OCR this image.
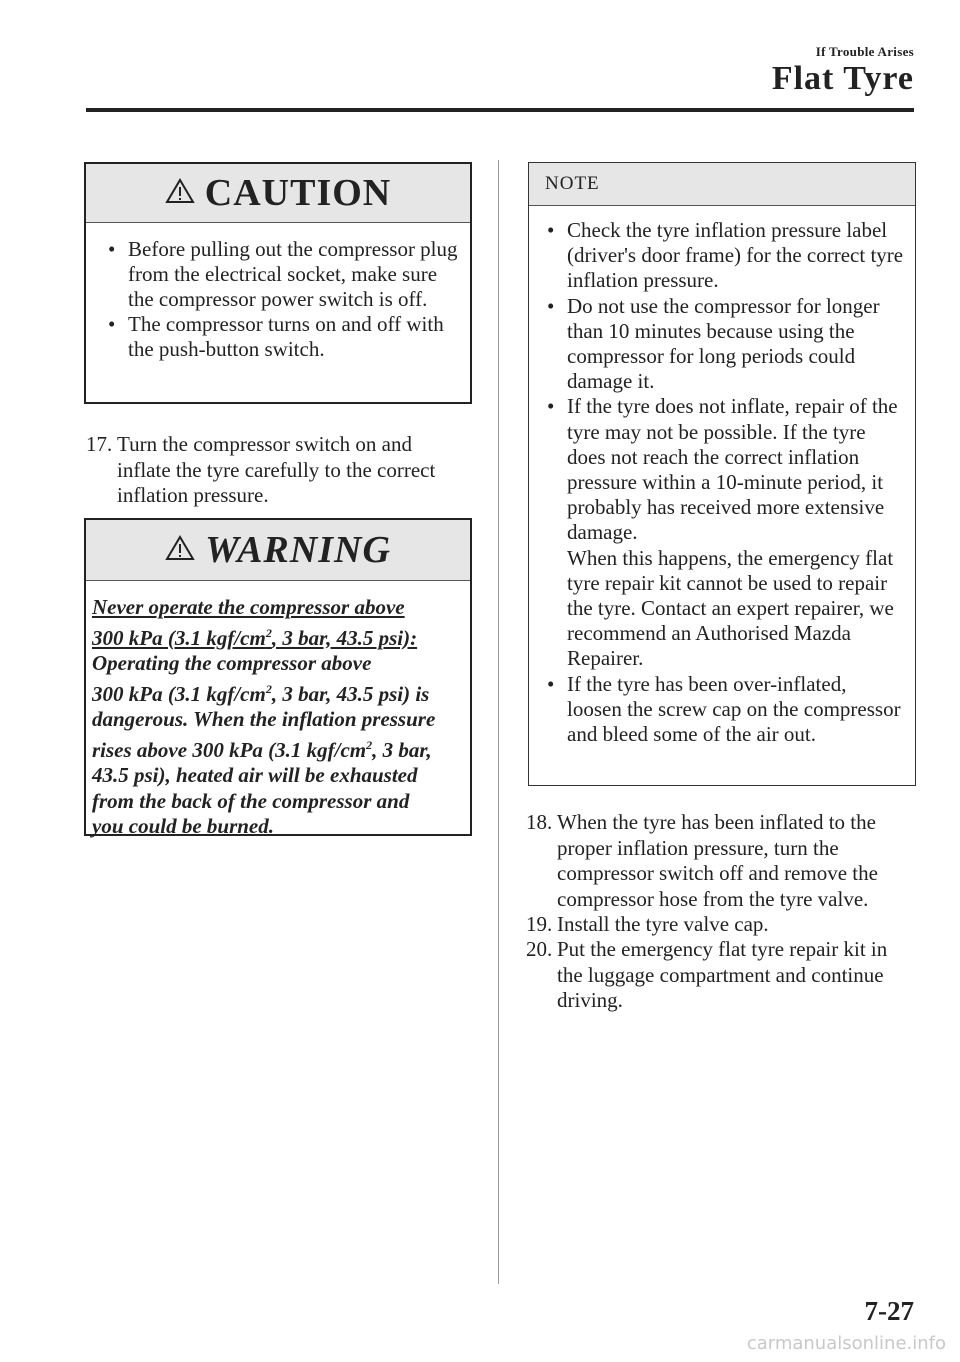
If Trouble Arises
Flat Tyre
CAUTION
• Before pulling out the compressor plug from the electrical socket, make sure the compressor power switch is off.
• The compressor turns on and off with the push-button switch.
17. Turn the compressor switch on and inflate the tyre carefully to the correct inflation pressure.

WARNING
Never operate the compressor above
300 kPa (3.1 kgf/$cm^2$, 3 bar, 43.5 psi):
Operating the compressor above
300 kPa (3.1 kgf/$cm^2$, 3 bar, 43.5 psi) is
dangerous. When the inflation pressure
rises above 300 kPa (3.1 kgf/$cm^2$, 3 bar,
43.5 psi), heated air will be exhausted
from the back of the compressor and
you could be burned.
NOTE
• Check the tyre inflation pressure label (driver's door frame) for the correct tyre inflation pressure.
• Do not use the compressor for longer than 10 minutes because using the compressor for long periods could damage it.
• If the tyre does not inflate, repair of the tyre may not be possible. If the tyre does not reach the correct inflation pressure within a 10-minute period, it probably has received more extensive damage.
When this happens, the emergency flat tyre repair kit cannot be used to repair the tyre. Contact an expert repairer, we recommend an Authorised Mazda Repairer.
• If the tyre has been over-inflated, loosen the screw cap on the compressor and bleed some of the air out.
18. When the tyre has been inflated to the proper inflation pressure, turn the compressor switch off and remove the compressor hose from the tyre valve.

19. Install the tyre valve cap.

20. Put the emergency flat tyre repair kit in the luggage compartment and continue driving.

7-27
carmanualsonline.info
